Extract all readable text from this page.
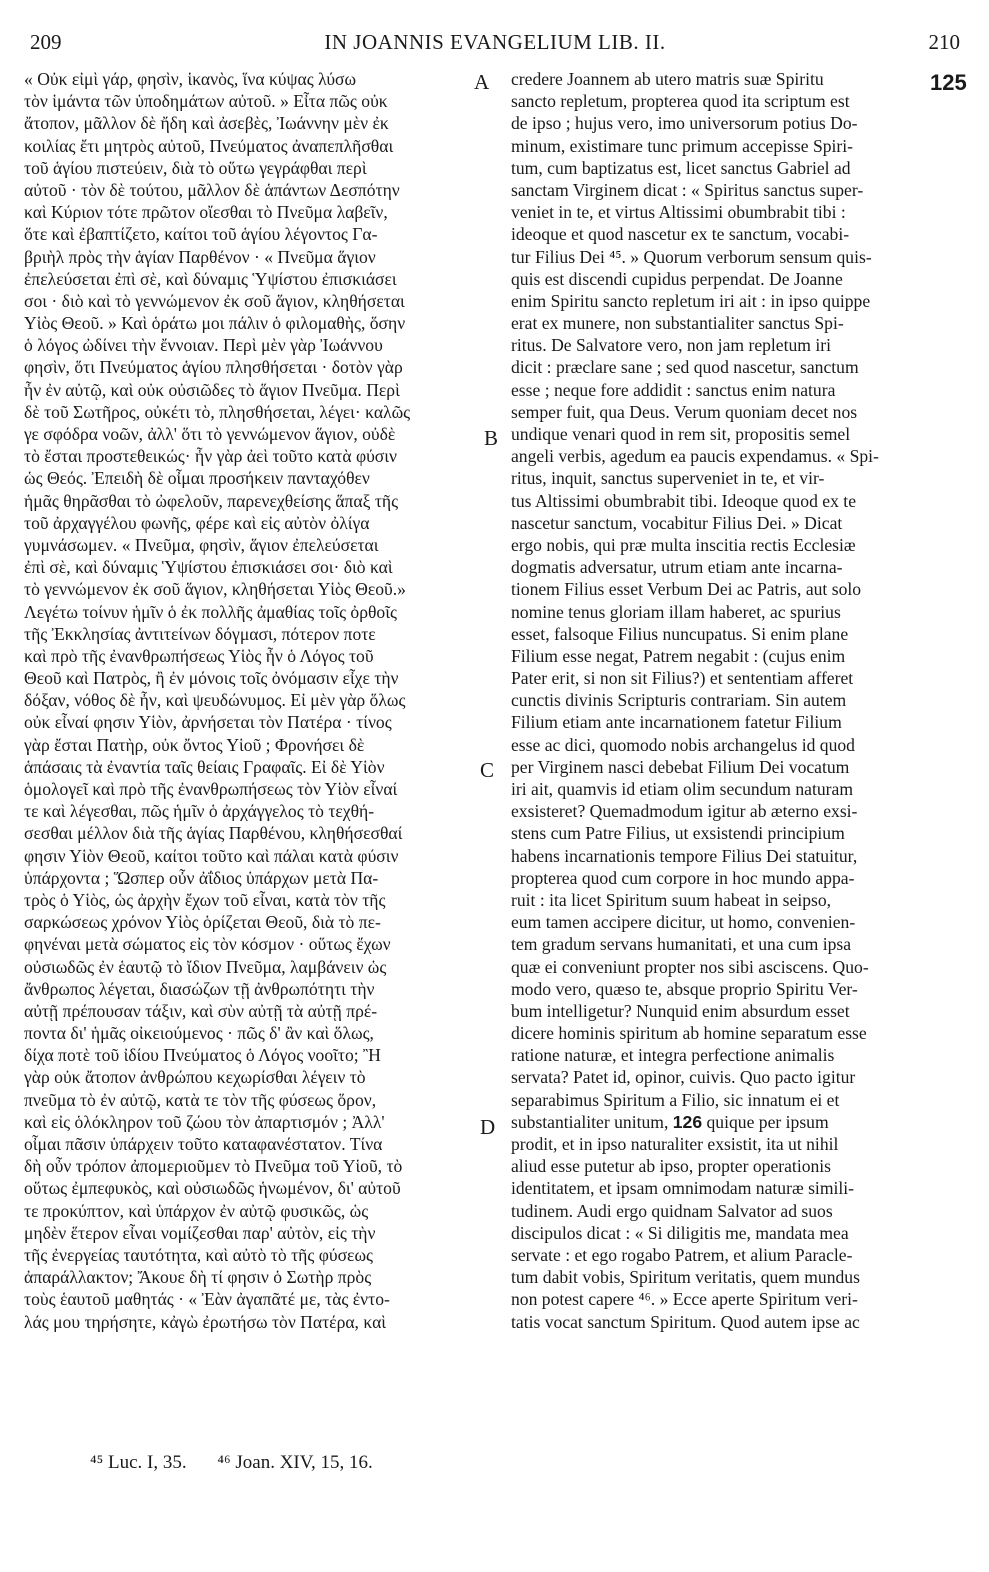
209	IN JOANNIS EVANGELIUM LIB. II.	210
« Οὐκ εἰμὶ γάρ, φησὶν, ἱκανὸς, ἵνα κύψας λύσω
τὸν ἱμάντα τῶν ὑποδημάτων αὐτοῦ. » Εἶτα πῶς οὐκ
ἄτοπον, μᾶλλον δὲ ἤδη καὶ ἀσεβὲς, Ἰωάννην μὲν ἐκ
κοιλίας ἔτι μητρὸς αὐτοῦ, Πνεύματος ἀναπεπλῆσθαι
τοῦ ἁγίου πιστεύειν, διὰ τὸ οὕτω γεγράφθαι περὶ
αὐτοῦ · τὸν δὲ τούτου, μᾶλλον δὲ ἁπάντων Δεσπότην
καὶ Κύριον τότε πρῶτον οἴεσθαι τὸ Πνεῦμα λαβεῖν,
ὅτε καὶ ἐβαπτίζετο, καίτοι τοῦ ἁγίου λέγοντος Γα-
βριὴλ πρὸς τὴν ἁγίαν Παρθένον · « Πνεῦμα ἅγιον
ἐπελεύσεται ἐπὶ σὲ, καὶ δύναμις Ὑψίστου ἐπισκιάσει
σοι · διὸ καὶ τὸ γεννώμενον ἐκ σοῦ ἅγιον, κληθήσεται
Υἱὸς Θεοῦ. » Καὶ ὁράτω μοι πάλιν ὁ φιλομαθὴς, ὅσην
ὁ λόγος ὠδίνει τὴν ἔννοιαν. Περὶ μὲν γὰρ Ἰωάννου
φησὶν, ὅτι Πνεύματος ἁγίου πλησθήσεται · δοτὸν γὰρ
ἦν ἐν αὐτῷ, καὶ οὐκ οὐσιῶδες τὸ ἅγιον Πνεῦμα. Περὶ
δὲ τοῦ Σωτῆρος, οὐκέτι τὸ, πλησθήσεται, λέγει· καλῶς
γε σφόδρα νοῶν, ἀλλ' ὅτι τὸ γεννώμενον ἅγιον, οὐδὲ
τὸ ἔσται προστεθεικώς· ἦν γὰρ ἀεὶ τοῦτο κατὰ φύσιν
ὡς Θεός. Ἐπειδὴ δὲ οἶμαι προσήκειν πανταχόθεν
ἡμᾶς θηρᾶσθαι τὸ ὠφελοῦν, παρενεχθείσης ἅπαξ τῆς
τοῦ ἀρχαγγέλου φωνῆς, φέρε καὶ εἰς αὐτὸν ὀλίγα
γυμνάσωμεν. « Πνεῦμα, φησὶν, ἅγιον ἐπελεύσεται
ἐπὶ σὲ, καὶ δύναμις Ὑψίστου ἐπισκιάσει σοι· διὸ καὶ
τὸ γεννώμενον ἐκ σοῦ ἅγιον, κληθήσεται Υἱὸς Θεοῦ.»
Λεγέτω τοίνυν ἡμῖν ὁ ἐκ πολλῆς ἀμαθίας τοῖς ὀρθοῖς
τῆς Ἐκκλησίας ἀντιτείνων δόγμασι, πότερον ποτε
καὶ πρὸ τῆς ἐνανθρωπήσεως Υἱὸς ἦν ὁ Λόγος τοῦ
Θεοῦ καὶ Πατρὸς, ἢ ἐν μόνοις τοῖς ὀνόμασιν εἶχε τὴν
δόξαν, νόθος δὲ ἦν, καὶ ψευδώνυμος. Εἰ μὲν γὰρ ὅλως
οὐκ εἶναί φησιν Υἱὸν, ἀρνήσεται τὸν Πατέρα · τίνος
γὰρ ἔσται Πατὴρ, οὐκ ὄντος Υἱοῦ ; Φρονήσει δὲ
ἁπάσαις τὰ ἐναντία ταῖς θείαις Γραφαῖς. Εἰ δὲ Υἱὸν
ὁμολογεῖ καὶ πρὸ τῆς ἐνανθρωπήσεως τὸν Υἱὸν εἶναί
τε καὶ λέγεσθαι, πῶς ἡμῖν ὁ ἀρχάγγελος τὸ τεχθή-
σεσθαι μέλλον διὰ τῆς ἁγίας Παρθένου, κληθήσεσθαί
φησιν Υἱὸν Θεοῦ, καίτοι τοῦτο καὶ πάλαι κατὰ φύσιν
ὑπάρχοντα ; Ὥσπερ οὖν ἀΐδιος ὑπάρχων μετὰ Πα-
τρὸς ὁ Υἱὸς, ὡς ἀρχὴν ἔχων τοῦ εἶναι, κατὰ τὸν τῆς
σαρκώσεως χρόνον Υἱὸς ὁρίζεται Θεοῦ, διὰ τὸ πε-
φηνέναι μετὰ σώματος εἰς τὸν κόσμον · οὕτως ἔχων
οὐσιωδῶς ἐν ἑαυτῷ τὸ ἴδιον Πνεῦμα, λαμβάνειν ὡς
ἄνθρωπος λέγεται, διασώζων τῇ ἀνθρωπότητι τὴν
αὐτῇ πρέπουσαν τάξιν, καὶ σὺν αὐτῇ τὰ αὐτῇ πρέ-
ποντα δι' ἡμᾶς οἰκειούμενος · πῶς δ' ἂν καὶ ὅλως,
δίχα ποτὲ τοῦ ἰδίου Πνεύματος ὁ Λόγος νοοῖτο; Ἢ
γὰρ οὐκ ἄτοπον ἀνθρώπου κεχωρίσθαι λέγειν τὸ
πνεῦμα τὸ ἐν αὐτῷ, κατὰ τε τὸν τῆς φύσεως ὅρον,
καὶ εἰς ὁλόκληρον τοῦ ζώου τὸν ἀπαρτισμόν ; Ἀλλ'
οἶμαι πᾶσιν ὑπάρχειν τοῦτο καταφανέστατον. Τίνα
δὴ οὖν τρόπον ἀπομεριοῦμεν τὸ Πνεῦμα τοῦ Υἱοῦ, τὸ
οὕτως ἐμπεφυκὸς, καὶ οὐσιωδῶς ἡνωμένον, δι' αὐτοῦ
τε προκύπτον, καὶ ὑπάρχον ἐν αὐτῷ φυσικῶς, ὡς
μηδὲν ἕτερον εἶναι νομίζεσθαι παρ' αὐτὸν, εἰς τὴν
τῆς ἐνεργείας ταυτότητα, καὶ αὐτὸ τὸ τῆς φύσεως
ἀπαράλλακτον; Ἄκουε δὴ τί φησιν ὁ Σωτὴρ πρὸς
τοὺς ἑαυτοῦ μαθητάς · « Ἐὰν ἀγαπᾶτέ με, τὰς ἐντο-
λάς μου τηρήσητε, κἀγὼ ἐρωτήσω τὸν Πατέρα, καὶ
credere Joannem ab utero matris suæ Spiritu
sancto repletum, propterea quod ita scriptum est
de ipso ; hujus vero, imo universorum potius Do-
minum, existimare tunc primum accepisse Spiri-
tum, cum baptizatus est, licet sanctus Gabriel ad
sanctam Virginem dicat : « Spiritus sanctus super-
veniet in te, et virtus Altissimi obumbrabit tibi :
ideoque et quod nascetur ex te sanctum, vocabi-
tur Filius Dei ⁴⁵. » Quorum verborum sensum quis-
quis est discendi cupidus perpendat. De Joanne
enim Spiritu sancto repletum iri ait : in ipso quippe
erat ex munere, non substantialiter sanctus Spi-
ritus. De Salvatore vero, non jam repletum iri
dicit : præclare sane ; sed quod nascetur, sanctum
esse ; neque fore addidit : sanctus enim natura
semper fuit, qua Deus. Verum quoniam decet nos
undique venari quod in rem sit, propositis semel
angeli verbis, agedum ea paucis expendamus. « Spi-
ritus, inquit, sanctus superveniet in te, et vir-
tus Altissimi obumbrabit tibi. Ideoque quod ex te
nascetur sanctum, vocabitur Filius Dei. » Dicat
ergo nobis, qui præ multa inscitia rectis Ecclesiæ
dogmatis adversatur, utrum etiam ante incarna-
tionem Filius esset Verbum Dei ac Patris, aut solo
nomine tenus gloriam illam haberet, ac spurius
esset, falsoque Filius nuncupatus. Si enim plane
Filium esse negat, Patrem negabit : (cujus enim
Pater erit, si non sit Filius?) et sententiam afferet
cunctis divinis Scripturis contrariam. Sin autem
Filium etiam ante incarnationem fatetur Filium
esse ac dici, quomodo nobis archangelus id quod
per Virginem nasci debebat Filium Dei vocatum
iri ait, quamvis id etiam olim secundum naturam
exsisteret? Quemadmodum igitur ab æterno exsi-
stens cum Patre Filius, ut exsistendi principium
habens incarnationis tempore Filius Dei statuitur,
propterea quod cum corpore in hoc mundo appa-
ruit : ita licet Spiritum suum habeat in seipso,
eum tamen accipere dicitur, ut homo, convenien-
tem gradum servans humanitati, et una cum ipsa
quæ ei conveniunt propter nos sibi asciscens. Quo-
modo vero, quæso te, absque proprio Spiritu Ver-
bum intelligetur? Nunquid enim absurdum esset
dicere hominis spiritum ab homine separatum esse
ratione naturæ, et integra perfectione animalis
servata? Patet id, opinor, cuivis. Quo pacto igitur
separabimus Spiritum a Filio, sic innatum ei et
substantialiter unitum, 126 quique per ipsum
prodit, et in ipso naturaliter exsistit, ita ut nihil
aliud esse putetur ab ipso, propter operationis
identitatem, et ipsam omnimodam naturæ simili-
tudinem. Audi ergo quidnam Salvator ad suos
discipulos dicat : « Si diligitis me, mandata mea
servate : et ego rogabo Patrem, et alium Paracle-
tum dabit vobis, Spiritum veritatis, quem mundus
non potest capere ⁴⁶. » Ecce aperte Spiritum veri-
tatis vocat sanctum Spiritum. Quod autem ipse ac
A
B
C
D
125
⁴⁵ Luc. I, 35. ⁴⁶ Joan. XIV, 15, 16.
